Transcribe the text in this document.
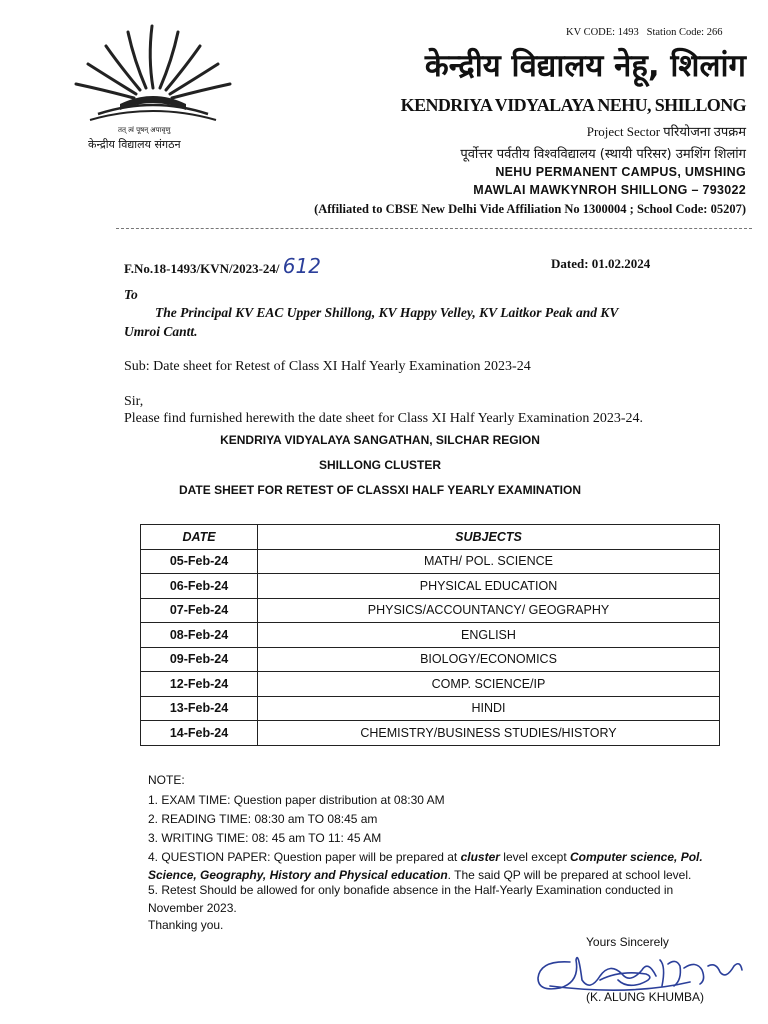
तत् त्वं पूषन् अपावृणु
केन्द्रीय विद्यालय संगठन
KV CODE: 1493 Station Code: 266
केन्द्रीय विद्यालय नेहू, शिलांग
KENDRIYA VIDYALAYA NEHU, SHILLONG
Project Sector परियोजना उपक्रम
पूर्वोत्तर पर्वतीय विश्वविद्यालय (स्थायी परिसर) उमशिंग शिलांग
NEHU PERMANENT CAMPUS, UMSHING
MAWLAI MAWKYNROH SHILLONG – 793022
(Affiliated to CBSE New Delhi Vide Affiliation No 1300004 ; School Code: 05207)
F.No.18-1493/KVN/2023-24/ 612	Dated: 01.02.2024
To
The Principal KV EAC Upper Shillong, KV Happy Velley, KV Laitkor Peak and KV
Umroi Cantt.
Sub: Date sheet for Retest of Class XI Half Yearly Examination 2023-24
Sir,
Please find furnished herewith the date sheet for Class XI Half Yearly Examination 2023-24.
KENDRIYA VIDYALAYA SANGATHAN, SILCHAR REGION
SHILLONG CLUSTER
DATE SHEET FOR RETEST OF CLASSXI HALF YEARLY EXAMINATION
DATE	SUBJECTS
05-Feb-24	MATH/ POL. SCIENCE
06-Feb-24	PHYSICAL EDUCATION
07-Feb-24	PHYSICS/ACCOUNTANCY/ GEOGRAPHY
08-Feb-24	ENGLISH
09-Feb-24	BIOLOGY/ECONOMICS
12-Feb-24	COMP. SCIENCE/IP
13-Feb-24	HINDI
14-Feb-24	CHEMISTRY/BUSINESS STUDIES/HISTORY
NOTE:
1. EXAM TIME: Question paper distribution at 08:30 AM
2. READING TIME: 08:30 am TO 08:45 am
3. WRITING TIME: 08: 45 am TO 11: 45 AM
4. QUESTION PAPER: Question paper will be prepared at cluster level except Computer science, Pol.
Science, Geography, History and Physical education. The said QP will be prepared at school level.
5. Retest Should be allowed for only bonafide absence in the Half-Yearly Examination conducted in
November 2023.
Thanking you.
Yours Sincerely
(K. ALUNG KHUMBA)
